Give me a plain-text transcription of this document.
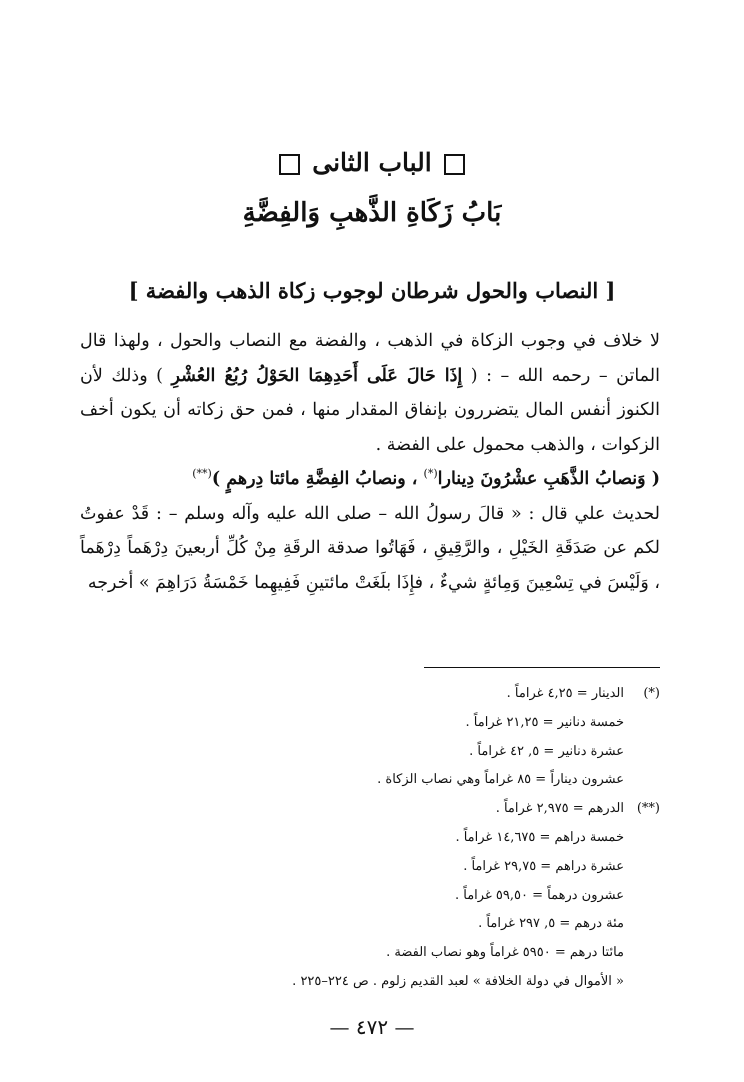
الباب الثانى
بَابُ زَكَاةِ الذَّهبِ وَالفِضَّةِ
[ النصاب والحول شرطان لوجوب زكاة الذهب والفضة ]

لا خلاف في وجوب الزكاة في الذهب ، والفضة مع النصاب والحول ، ولهذا قال الماتن – رحمه الله – : ( إِذَا حَالَ عَلَى أَحَدِهِمَا الحَوْلُ رُبُعُ العُشْرِ ) وذلك لأن الكنوز أنفس المال يتضررون بإنفاق المقدار منها ، فمن حق زكاته أن يكون أخف الزكوات ، والذهب محمول على الفضة .

( وَنصابُ الذَّهَبِ عشْرُونَ دِينارا(*) ، ونصابُ الفِضَّةِ مائتا دِرهمٍ )(**)

لحديث علي قال : « قالَ رسولُ الله – صلى الله عليه وآله وسلم – : قَدْ عفوتُ لكم عن صَدَقَةِ الخَيْلِ ، والرَّقِيقِ ، فَهَاتُوا صدقة الرقَةِ مِنْ كُلِّ أربعينَ دِرْهَماً دِرْهَماً ، وَلَيْسَ في تِسْعِينَ وَمِائةٍ شيءٌ ، فإِذَا بلَغَتْ مائتينِ فَفِيهِما خَمْسَةُ دَرَاهِمَ » أخرجه

(*)الدينار = ٤,٢٥ غراماً .
خمسة دنانير = ٢١,٢٥ غراماً .
عشرة دنانير = ٥, ٤٢ غراماً .
عشرون ديناراً = ٨٥ غراماً وهي نصاب الزكاة .
(**)الدرهم = ٢,٩٧٥ غراماً .
خمسة دراهم = ١٤,٦٧٥ غراماً .
عشرة دراهم = ٢٩,٧٥ غراماً .
عشرون درهماً = ٥٩,٥٠ غراماً .
مئة درهم = ٥, ٢٩٧ غراماً .
مائتا درهم = ٥٩٥٠ غراماً وهو نصاب الفضة .
« الأموال في دولة الخلافة » لعبد القديم زلوم . ص ٢٢٤–٢٢٥ .
— ٤٧٢ —
